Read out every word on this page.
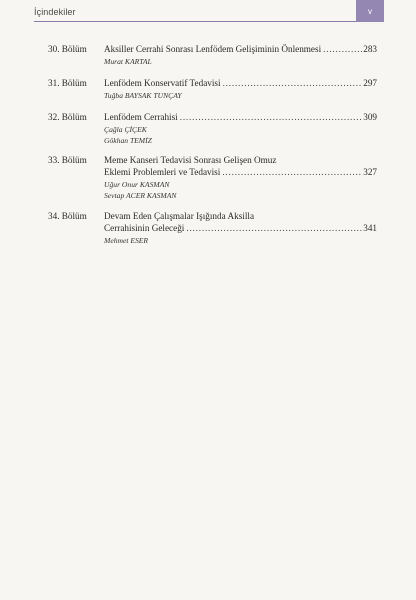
İçindekiler	v
30. Bölüm Aksiller Cerrahi Sonrası Lenfödem Gelişiminin Önlenmesi .....	283
Murat KARTAL
31. Bölüm Lenfödem Konservatif Tedavisi .....	297
Tuğba BAYSAK TUNÇAY
32. Bölüm Lenfödem Cerrahisi .....	309
Çağla ÇİÇEK
Gökhan TEMİZ
33. Bölüm Meme Kanseri Tedavisi Sonrası Gelişen Omuz
Eklemi Problemleri ve Tedavisi .....	327
Uğur Onur KASMAN
Sevtap ACER KASMAN
34. Bölüm Devam Eden Çalışmalar Işığında Aksilla
Cerrahisinin Geleceği .....	341
Mehmet ESER
